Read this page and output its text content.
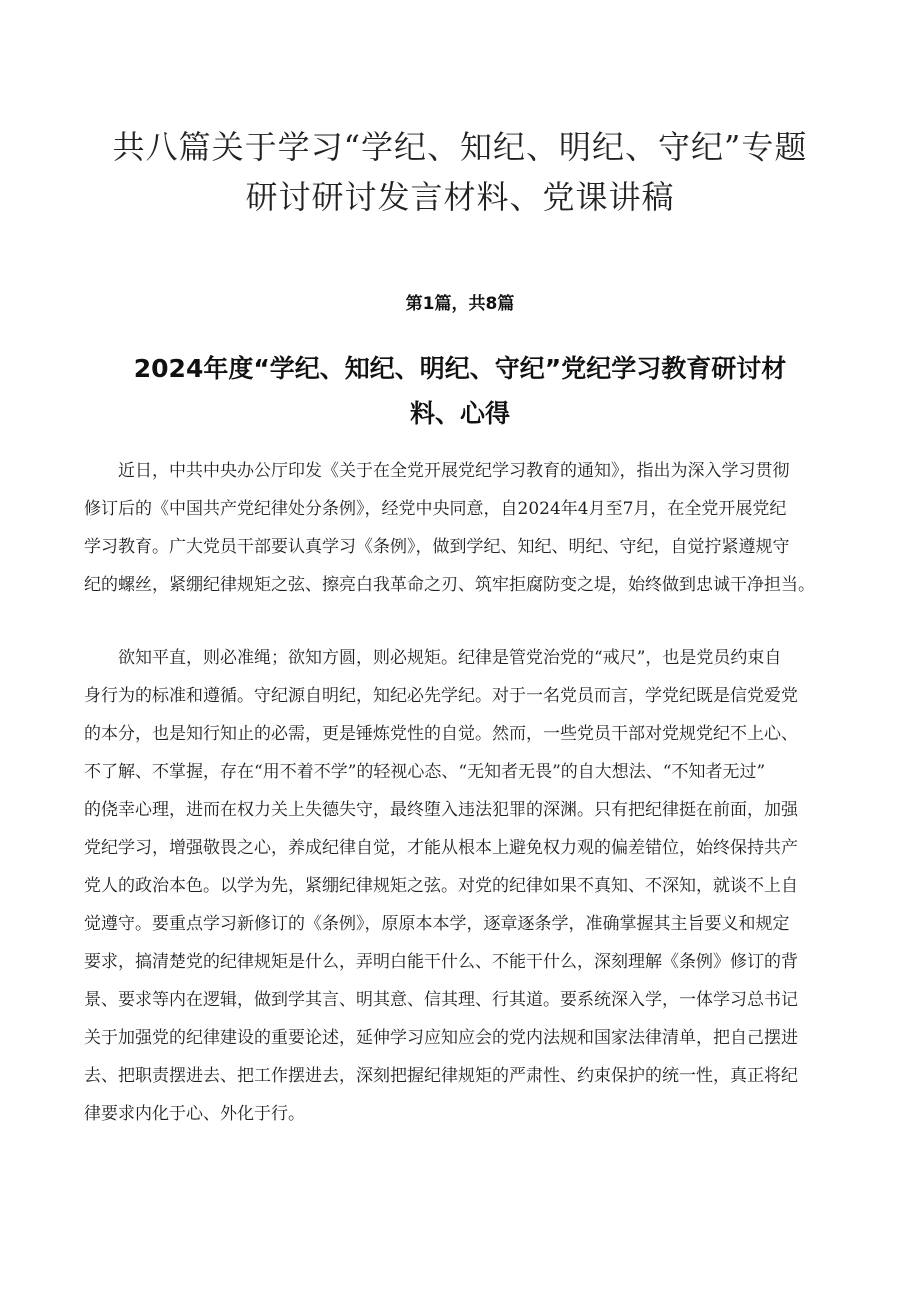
共八篇关于学习“学纪、知纪、明纪、守纪”专题
研讨研讨发言材料、党课讲稿
第1篇，共8篇
2024年度“学纪、知纪、明纪、守纪”党纪学习教育研讨材
料、心得

近日，中共中央办公厅印发《关于在全党开展党纪学习教育的通知》，指出为深入学习贯彻
修订后的《中国共产党纪律处分条例》，经党中央同意，自2024年4月至7月，在全党开展党纪
学习教育。广大党员干部要认真学习《条例》，做到学纪、知纪、明纪、守纪，自觉拧紧遵规守
纪的螺丝，紧绷纪律规矩之弦、擦亮白我革命之刃、筑牢拒腐防变之堤，始终做到忠诚干净担当。

欲知平直，则必准绳；欲知方圆，则必规矩。纪律是管党治党的“戒尺”，也是党员约束自
身行为的标准和遵循。守纪源自明纪，知纪必先学纪。对于一名党员而言，学党纪既是信党爱党
的本分，也是知行知止的必需，更是锤炼党性的自觉。然而，一些党员干部对党规党纪不上心、
不了解、不掌握，存在“用不着不学”的轻视心态、“无知者无畏”的自大想法、“不知者无过”
的侥幸心理，进而在权力关上失德失守，最终堕入违法犯罪的深渊。只有把纪律挺在前面，加强
党纪学习，增强敬畏之心，养成纪律自觉，才能从根本上避免权力观的偏差错位，始终保持共产
党人的政治本色。以学为先，紧绷纪律规矩之弦。对党的纪律如果不真知、不深知，就谈不上自
觉遵守。要重点学习新修订的《条例》，原原本本学，逐章逐条学，准确掌握其主旨要义和规定
要求，搞清楚党的纪律规矩是什么，弄明白能干什么、不能干什么，深刻理解《条例》修订的背
景、要求等内在逻辑，做到学其言、明其意、信其理、行其道。要系统深入学，一体学习总书记
关于加强党的纪律建设的重要论述，延伸学习应知应会的党内法规和国家法律清单，把自己摆进
去、把职责摆进去、把工作摆进去，深刻把握纪律规矩的严肃性、约束保护的统一性，真正将纪
律要求内化于心、外化于行。
